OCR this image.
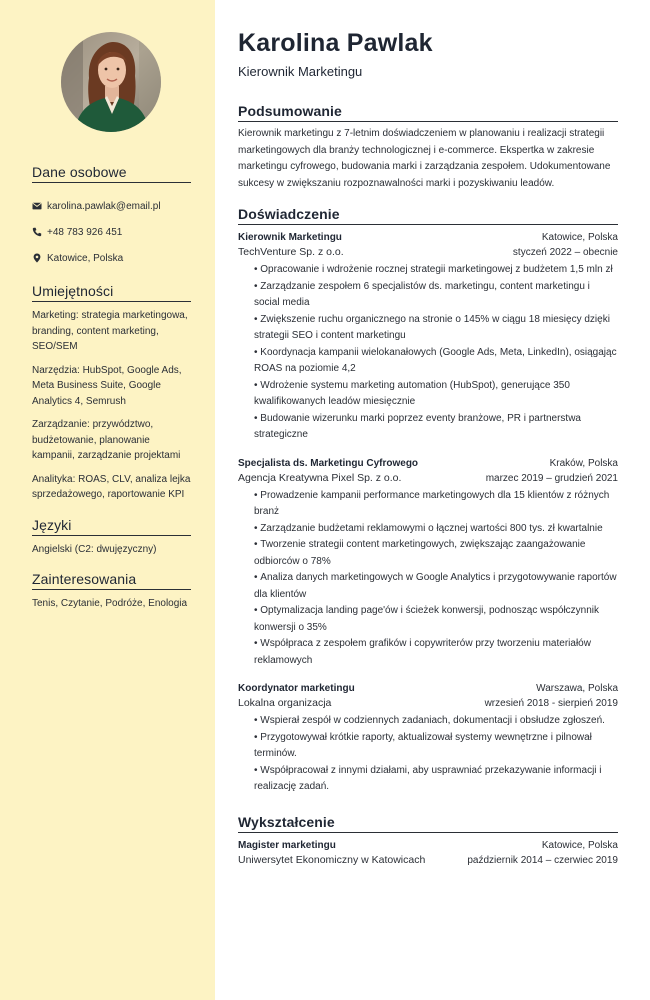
Dane osobowe
karolina.pawlak@email.pl
+48 783 926 451
Katowice, Polska
Umiejętności

Marketing: strategia marketingowa, branding, content marketing, SEO/SEM

Narzędzia: HubSpot, Google Ads, Meta Business Suite, Google Analytics 4, Semrush

Zarządzanie: przywództwo, budżetowanie, planowanie kampanii, zarządzanie projektami

Analityka: ROAS, CLV, analiza lejka sprzedażowego, raportowanie KPI

Języki

Angielski (C2: dwujęzyczny)

Zainteresowania

Tenis, Czytanie, Podróże, Enologia

Karolina Pawlak
Kierownik Marketingu
Podsumowanie

Kierownik marketingu z 7-letnim doświadczeniem w planowaniu i realizacji strategii marketingowych dla branży technologicznej i e-commerce. Ekspertka w zakresie marketingu cyfrowego, budowania marki i zarządzania zespołem. Udokumentowane sukcesy w zwiększaniu rozpoznawalności marki i pozyskiwaniu leadów.

Doświadczenie
Kierownik Marketingu	Katowice, Polska
TechVenture Sp. z o.o.	styczeń 2022 – obecnie
• Opracowanie i wdrożenie rocznej strategii marketingowej z budżetem 1,5 mln zł
• Zarządzanie zespołem 6 specjalistów ds. marketingu, content marketingu i social media
• Zwiększenie ruchu organicznego na stronie o 145% w ciągu 18 miesięcy dzięki strategii SEO i content marketingu
• Koordynacja kampanii wielokanałowych (Google Ads, Meta, LinkedIn), osiągając ROAS na poziomie 4,2
• Wdrożenie systemu marketing automation (HubSpot), generujące 350 kwalifikowanych leadów miesięcznie
• Budowanie wizerunku marki poprzez eventy branżowe, PR i partnerstwa strategiczne
Specjalista ds. Marketingu Cyfrowego	Kraków, Polska
Agencja Kreatywna Pixel Sp. z o.o.	marzec 2019 – grudzień 2021
• Prowadzenie kampanii performance marketingowych dla 15 klientów z różnych branż
• Zarządzanie budżetami reklamowymi o łącznej wartości 800 tys. zł kwartalnie
• Tworzenie strategii content marketingowych, zwiększając zaangażowanie odbiorców o 78%
• Analiza danych marketingowych w Google Analytics i przygotowywanie raportów dla klientów
• Optymalizacja landing page'ów i ścieżek konwersji, podnosząc współczynnik konwersji o 35%
• Współpraca z zespołem grafików i copywriterów przy tworzeniu materiałów reklamowych
Koordynator marketingu	Warszawa, Polska
Lokalna organizacja	wrzesień 2018 - sierpień 2019
• Wspierał zespół w codziennych zadaniach, dokumentacji i obsłudze zgłoszeń.
• Przygotowywał krótkie raporty, aktualizował systemy wewnętrzne i pilnował terminów.
• Współpracował z innymi działami, aby usprawniać przekazywanie informacji i realizację zadań.
Wykształcenie
Magister marketingu	Katowice, Polska
Uniwersytet Ekonomiczny w Katowicach	październik 2014 – czerwiec 2019
